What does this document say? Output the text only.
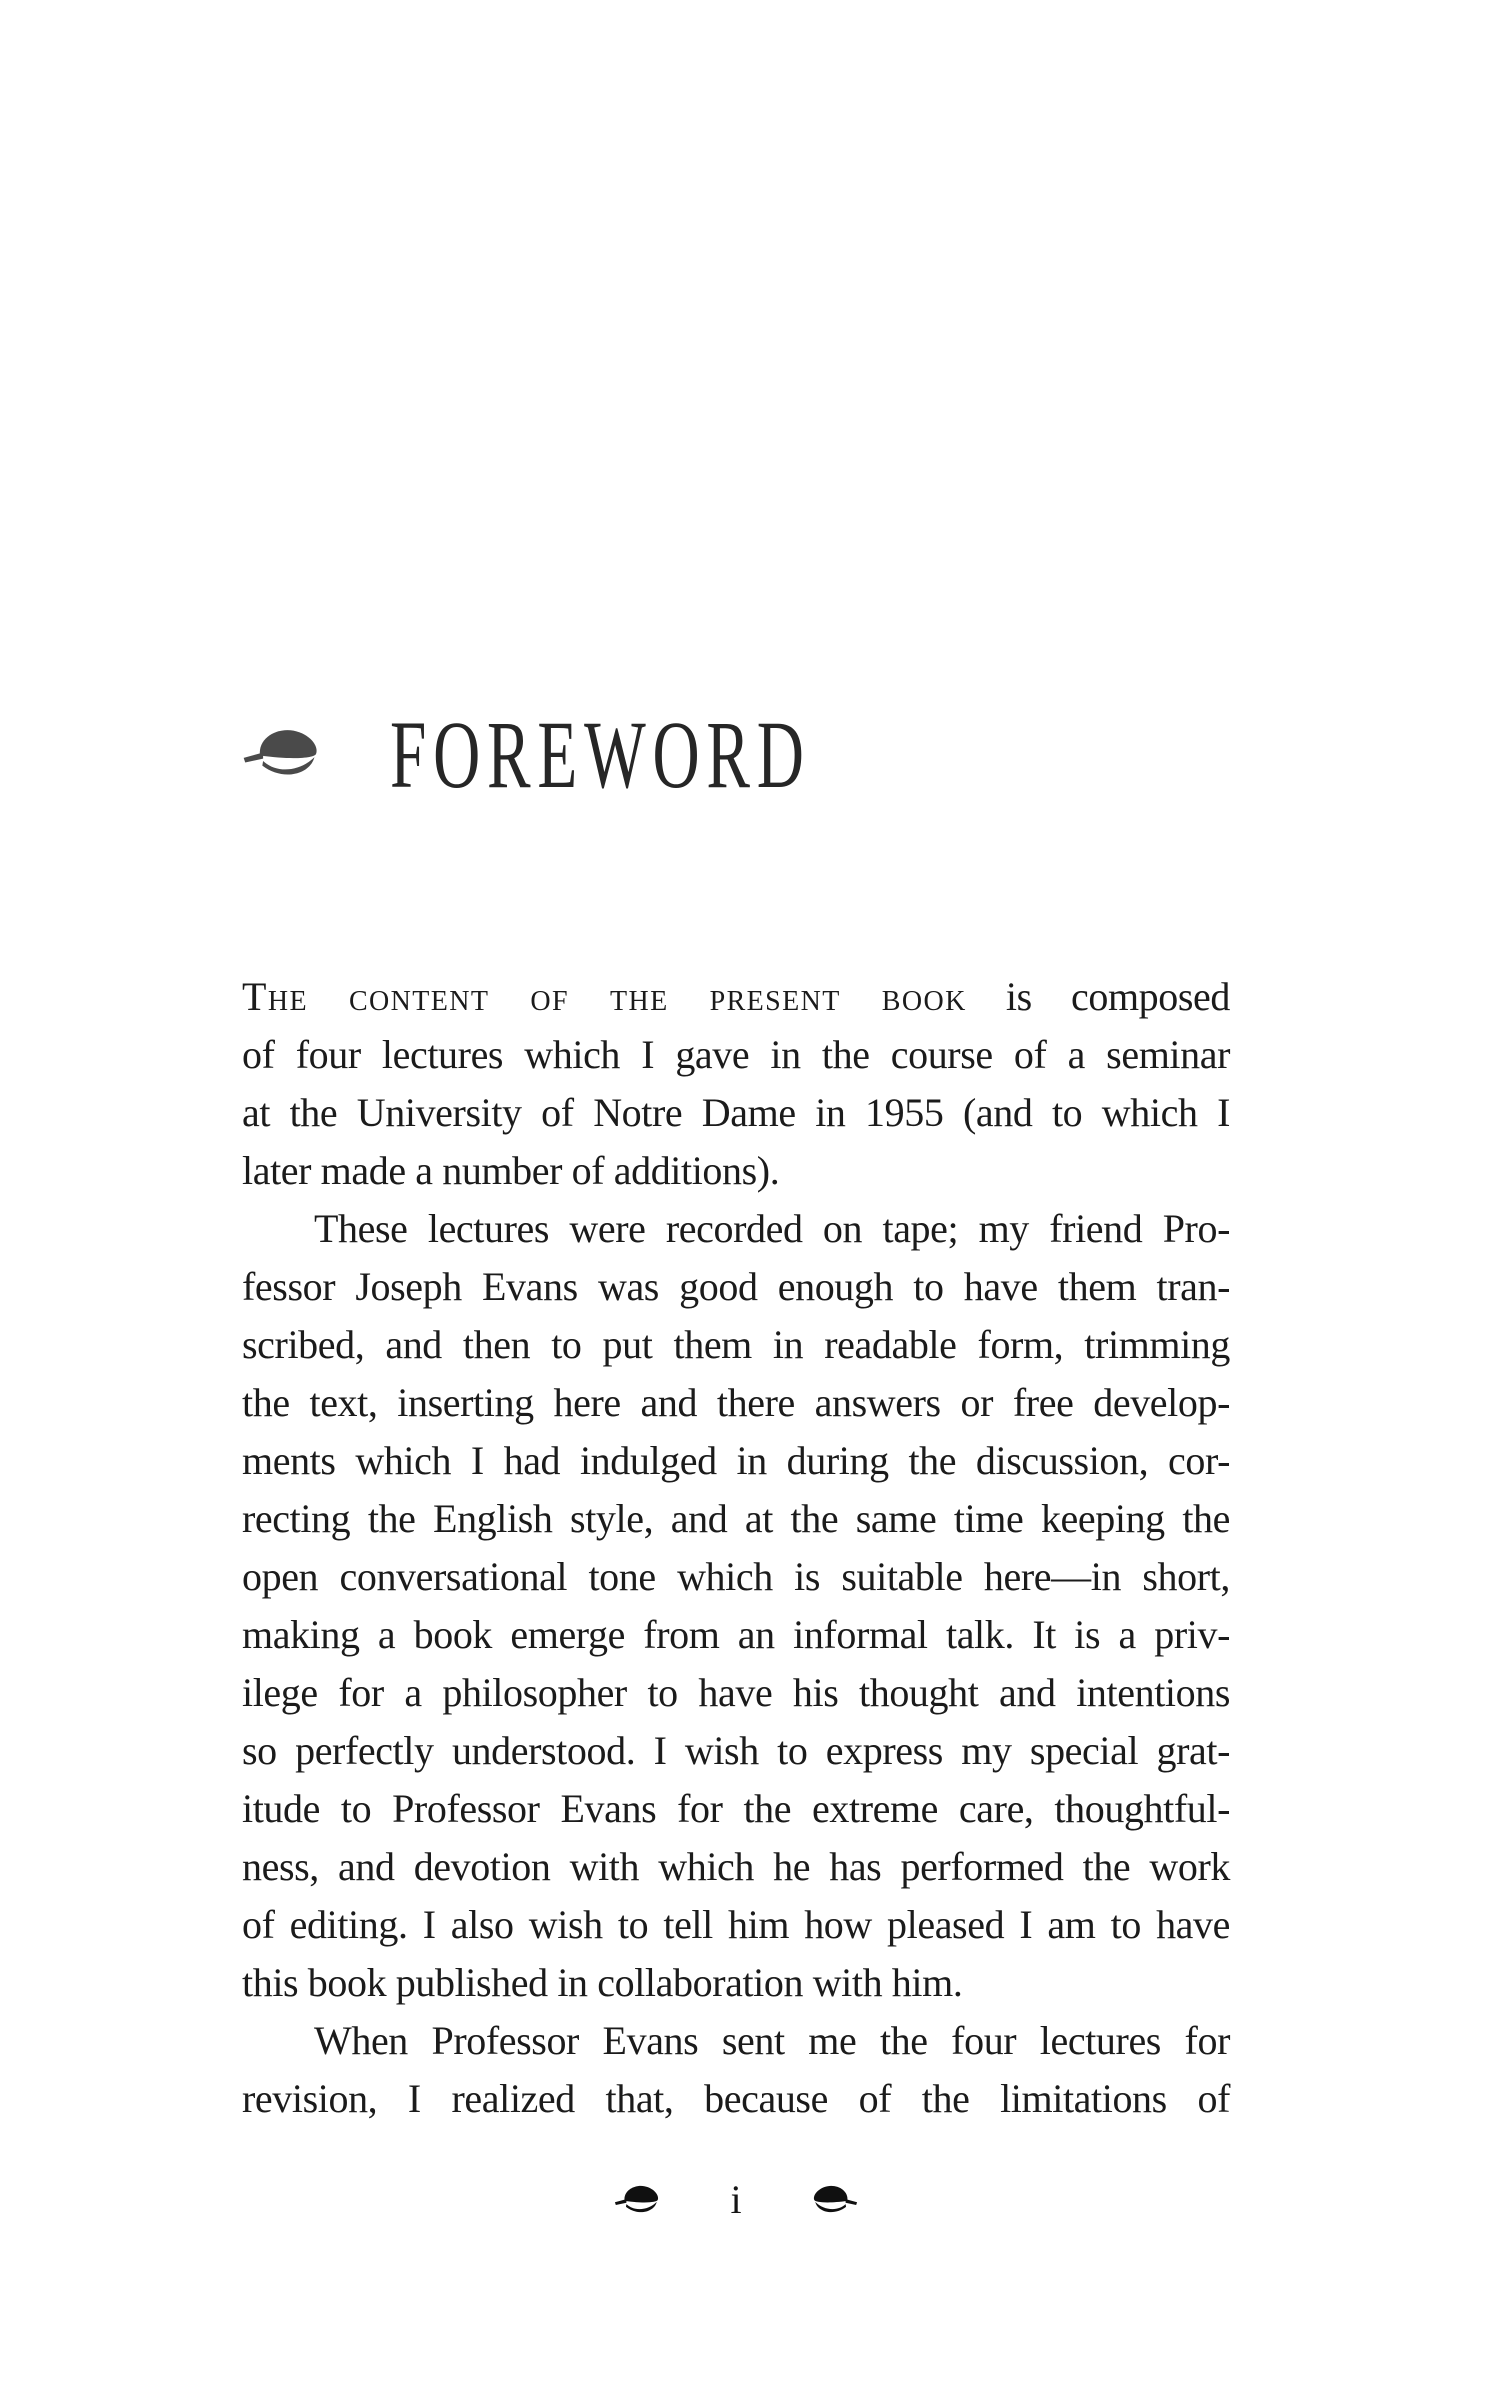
FOREWORD
The content of the present book is composed
of four lectures which I gave in the course of a seminar
at the University of Notre Dame in 1955 (and to which I
later made a number of additions).
These lectures were recorded on tape; my friend Pro-
fessor Joseph Evans was good enough to have them tran-
scribed, and then to put them in readable form, trimming
the text, inserting here and there answers or free develop-
ments which I had indulged in during the discussion, cor-
recting the English style, and at the same time keeping the
open conversational tone which is suitable here—in short,
making a book emerge from an informal talk. It is a priv-
ilege for a philosopher to have his thought and intentions
so perfectly understood. I wish to express my special grat-
itude to Professor Evans for the extreme care, thoughtful-
ness, and devotion with which he has performed the work
of editing. I also wish to tell him how pleased I am to have
this book published in collaboration with him.
When Professor Evans sent me the four lectures for
revision, I realized that, because of the limitations of
i
